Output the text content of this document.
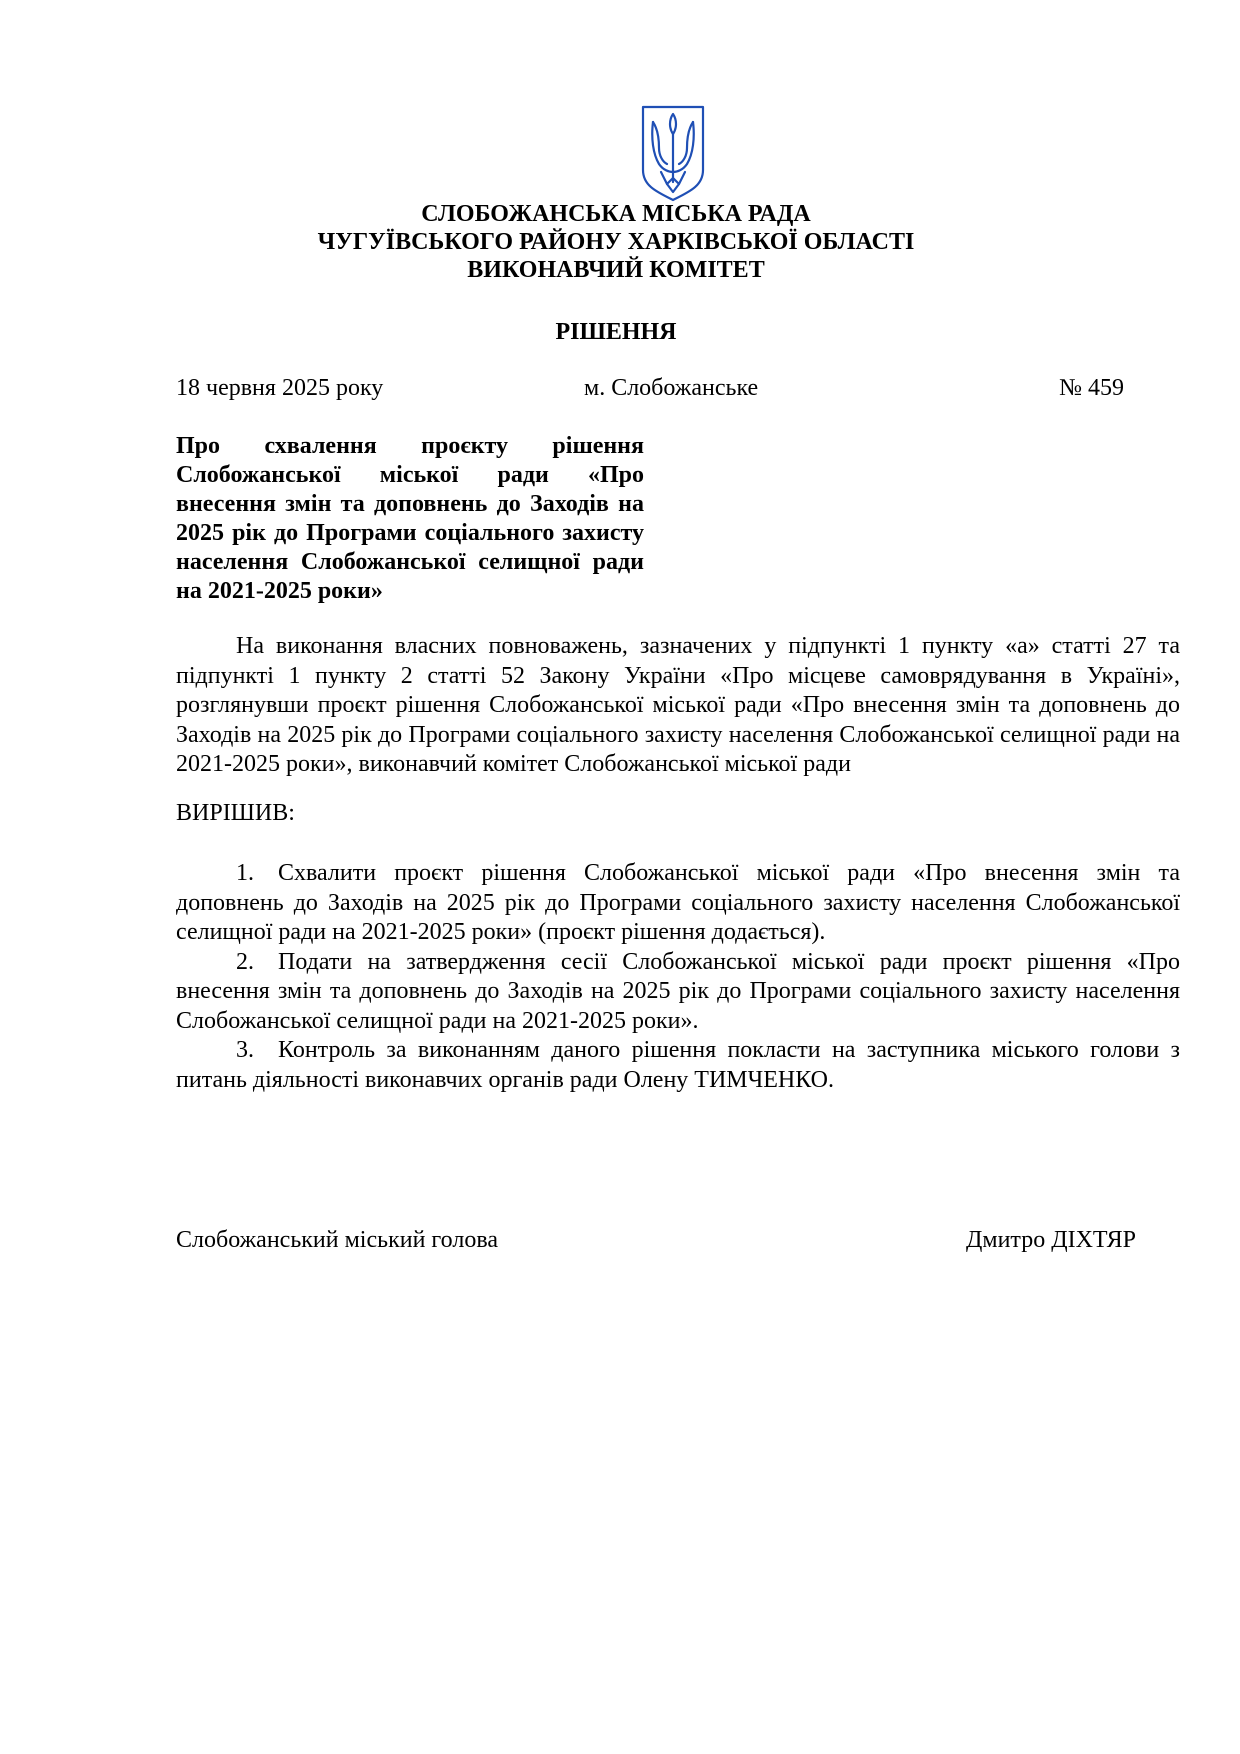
СЛОБОЖАНСЬКА МІСЬКА РАДА
ЧУГУЇВСЬКОГО РАЙОНУ ХАРКІВСЬКОЇ ОБЛАСТІ
ВИКОНАВЧИЙ КОМІТЕТ
РІШЕННЯ
18 червня 2025 року	м. Слобожанське	№ 459
Про схвалення проєкту рішення Слобожанської міської ради «Про внесення змін та доповнень до Заходів на 2025 рік до Програми соціального захисту населення Слобожанської селищної ради на 2021-2025 роки»

На виконання власних повноважень, зазначених у підпункті 1 пункту «а» статті 27 та підпункті 1 пункту 2 статті 52 Закону України «Про місцеве самоврядування в Україні», розглянувши проєкт рішення Слобожанської міської ради «Про внесення змін та доповнень до Заходів на 2025 рік до Програми соціального захисту населення Слобожанської селищної ради на 2021-2025 роки», виконавчий комітет Слобожанської міської ради

ВИРІШИВ:

1. Схвалити проєкт рішення Слобожанської міської ради «Про внесення змін та доповнень до Заходів на 2025 рік до Програми соціального захисту населення Слобожанської селищної ради на 2021-2025 роки» (проєкт рішення додається).
2. Подати на затвердження сесії Слобожанської міської ради проєкт рішення «Про внесення змін та доповнень до Заходів на 2025 рік до Програми соціального захисту населення Слобожанської селищної ради на 2021-2025 роки».
3. Контроль за виконанням даного рішення покласти на заступника міського голови з питань діяльності виконавчих органів ради Олену ТИМЧЕНКО.
Слобожанський міський голова	Дмитро ДІХТЯР
